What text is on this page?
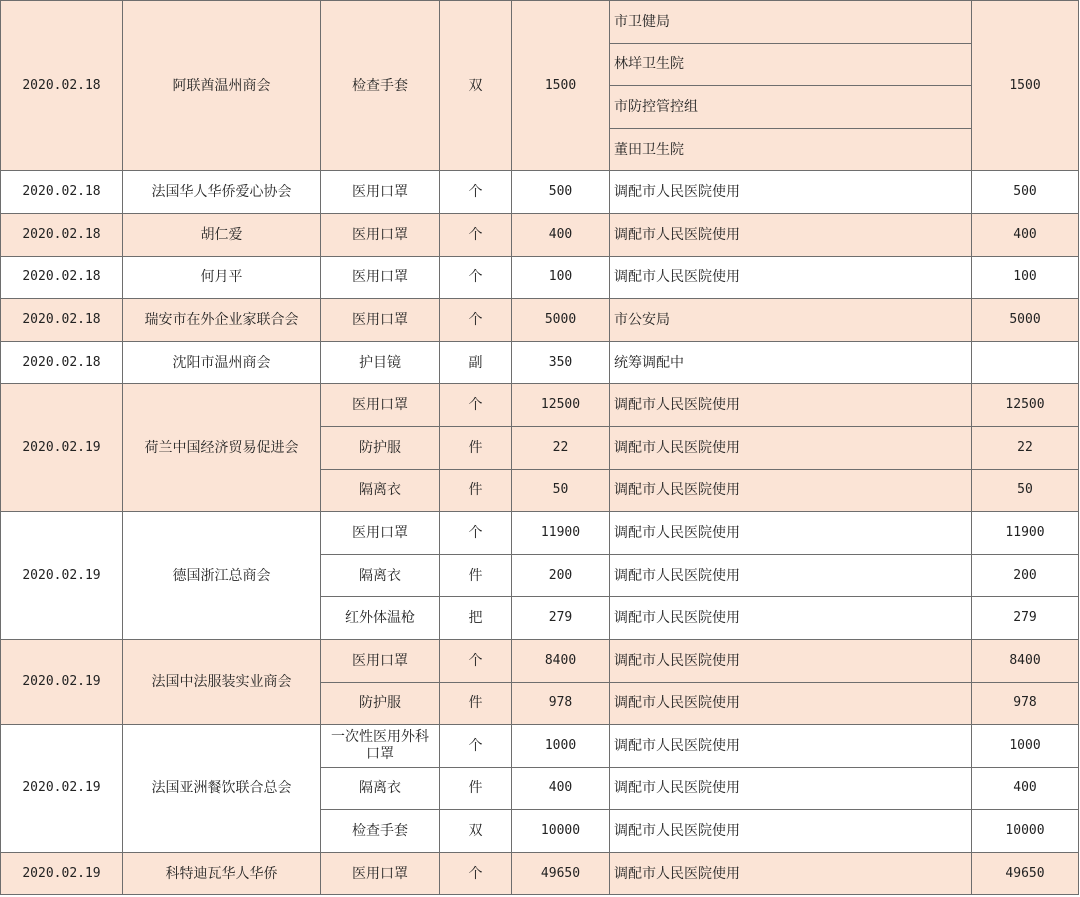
2020.02.18	阿联酋温州商会	检查手套	双	1500	市卫健局	1500
					林垟卫生院	
					市防控管控组	
					董田卫生院	
2020.02.18	法国华人华侨爱心协会	医用口罩	个	500	调配市人民医院使用	500
2020.02.18	胡仁爱	医用口罩	个	400	调配市人民医院使用	400
2020.02.18	何月平	医用口罩	个	100	调配市人民医院使用	100
2020.02.18	瑞安市在外企业家联合会	医用口罩	个	5000	市公安局	5000
2020.02.18	沈阳市温州商会	护目镜	副	350	统筹调配中	
2020.02.19	荷兰中国经济贸易促进会	医用口罩	个	12500	调配市人民医院使用	12500
		防护服	件	22	调配市人民医院使用	22
		隔离衣	件	50	调配市人民医院使用	50
2020.02.19	德国浙江总商会	医用口罩	个	11900	调配市人民医院使用	11900
		隔离衣	件	200	调配市人民医院使用	200
		红外体温枪	把	279	调配市人民医院使用	279
2020.02.19	法国中法服装实业商会	医用口罩	个	8400	调配市人民医院使用	8400
		防护服	件	978	调配市人民医院使用	978
2020.02.19	法国亚洲餐饮联合总会	一次性医用外科口罩	个	1000	调配市人民医院使用	1000
		隔离衣	件	400	调配市人民医院使用	400
		检查手套	双	10000	调配市人民医院使用	10000
2020.02.19	科特迪瓦华人华侨	医用口罩	个	49650	调配市人民医院使用	49650
